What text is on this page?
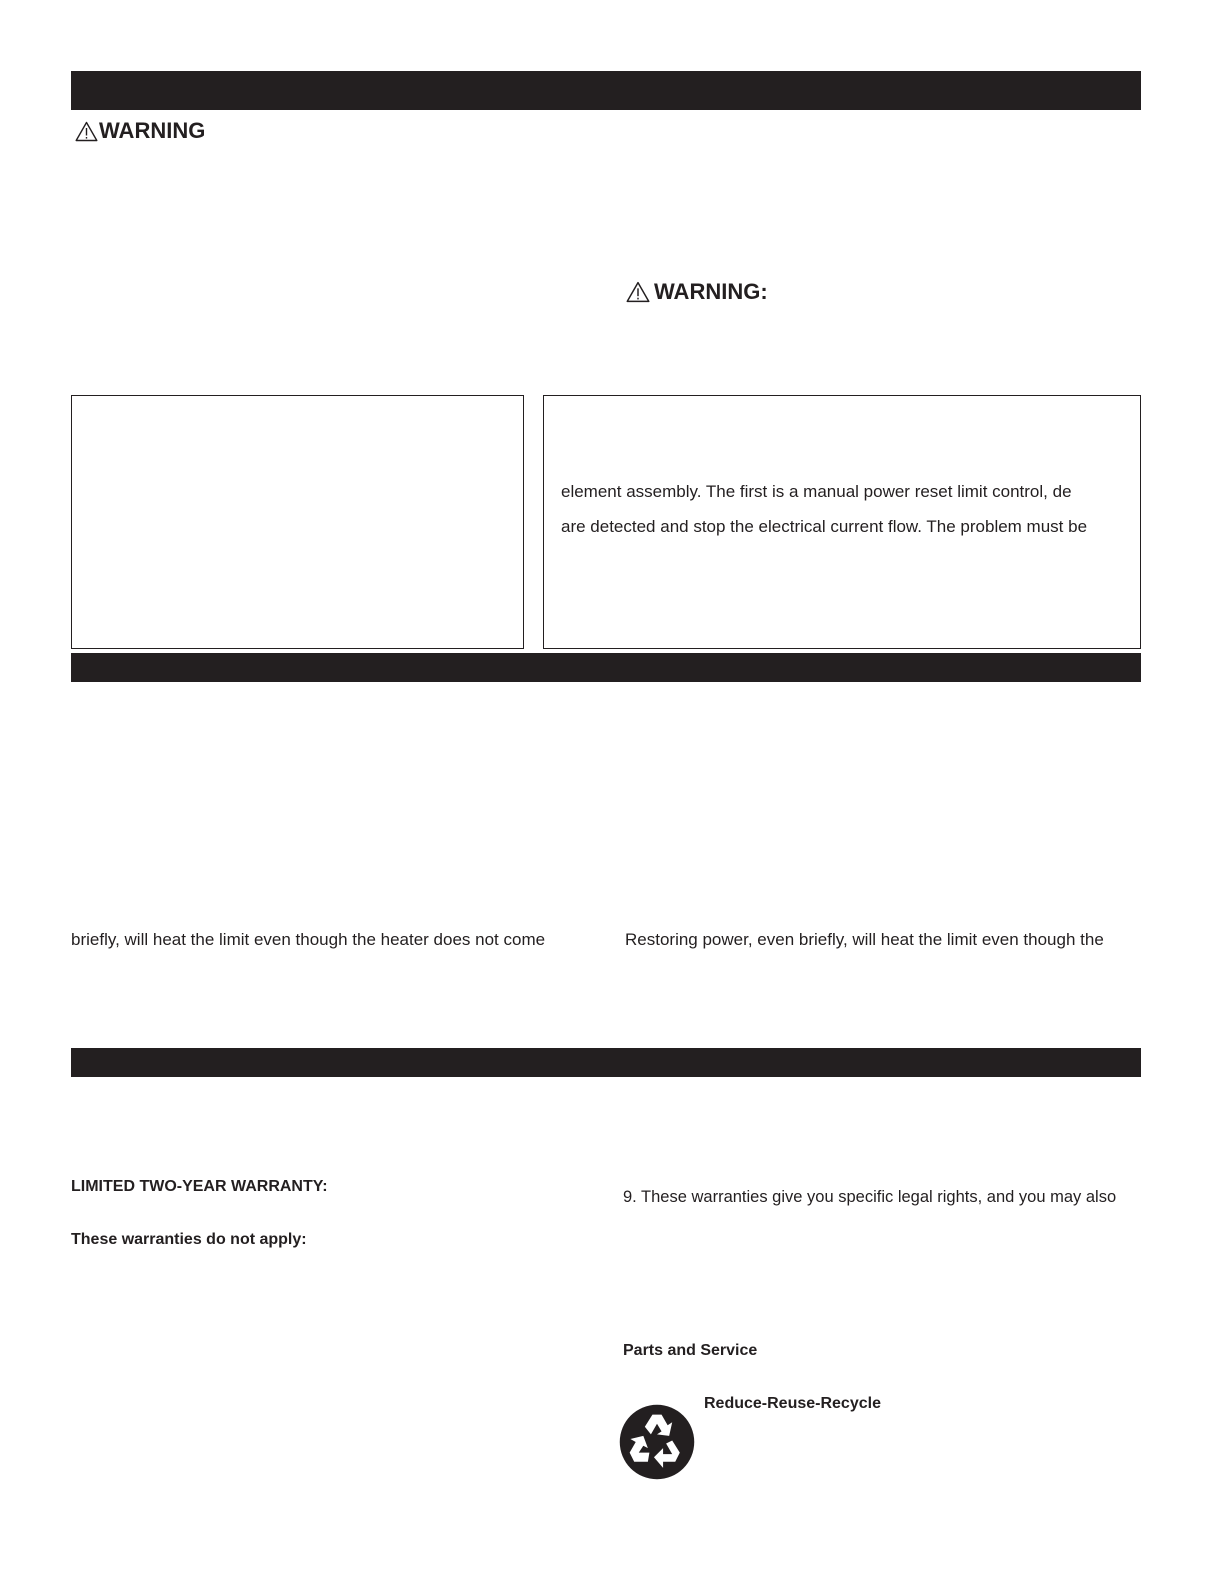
WARNING
WARNING:
element assembly. The first is a manual power reset limit control, de
are detected and stop the electrical current flow. The problem must be
briefly, will heat the limit even though the heater does not come	Restoring power, even briefly, will heat the limit even though the
LIMITED TWO-YEAR WARRANTY:
These warranties do not apply:
9. These warranties give you specific legal rights, and you may also
Parts and Service
Reduce-Reuse-Recycle
